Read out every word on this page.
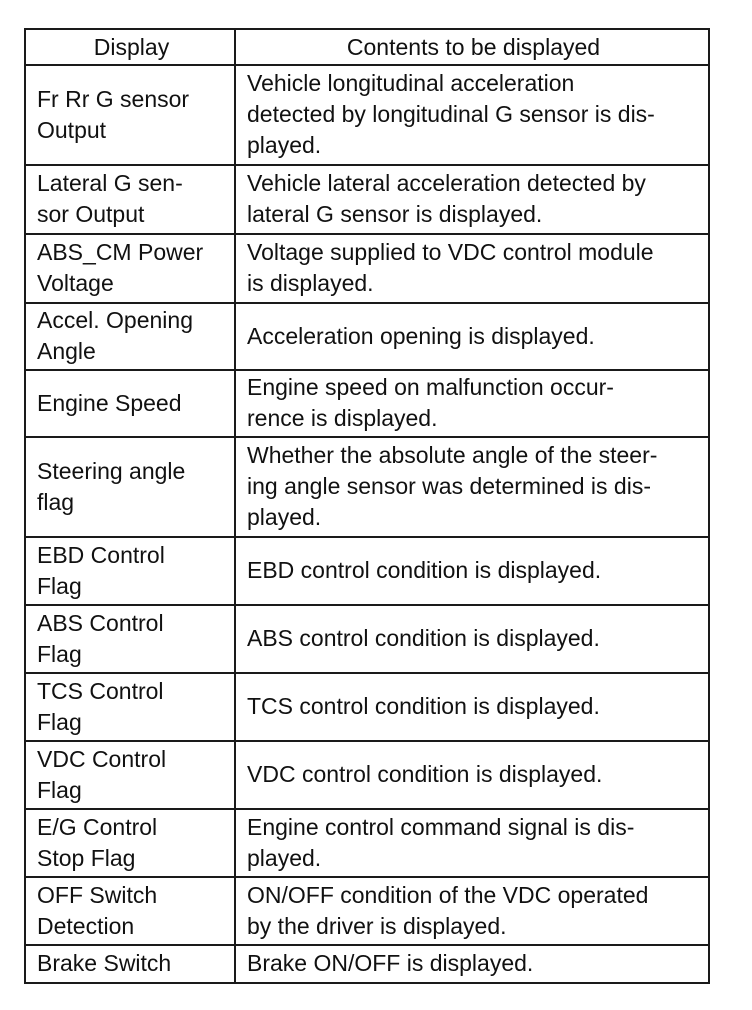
Display	Contents to be displayed

Fr Rr G sensor
Output	Vehicle longitudinal acceleration
detected by longitudinal G sensor is dis-
played.

Lateral G sen-
sor Output	Vehicle lateral acceleration detected by
lateral G sensor is displayed.

ABS_CM Power
Voltage	Voltage supplied to VDC control module
is displayed.

Accel. Opening
Angle	Acceleration opening is displayed.

Engine Speed	Engine speed on malfunction occur-
rence is displayed.

Steering angle
flag	Whether the absolute angle of the steer-
ing angle sensor was determined is dis-
played.

EBD Control
Flag	EBD control condition is displayed.

ABS Control
Flag	ABS control condition is displayed.

TCS Control
Flag	TCS control condition is displayed.

VDC Control
Flag	VDC control condition is displayed.

E/G Control
Stop Flag	Engine control command signal is dis-
played.

OFF Switch
Detection	ON/OFF condition of the VDC operated
by the driver is displayed.

Brake Switch	Brake ON/OFF is displayed.
